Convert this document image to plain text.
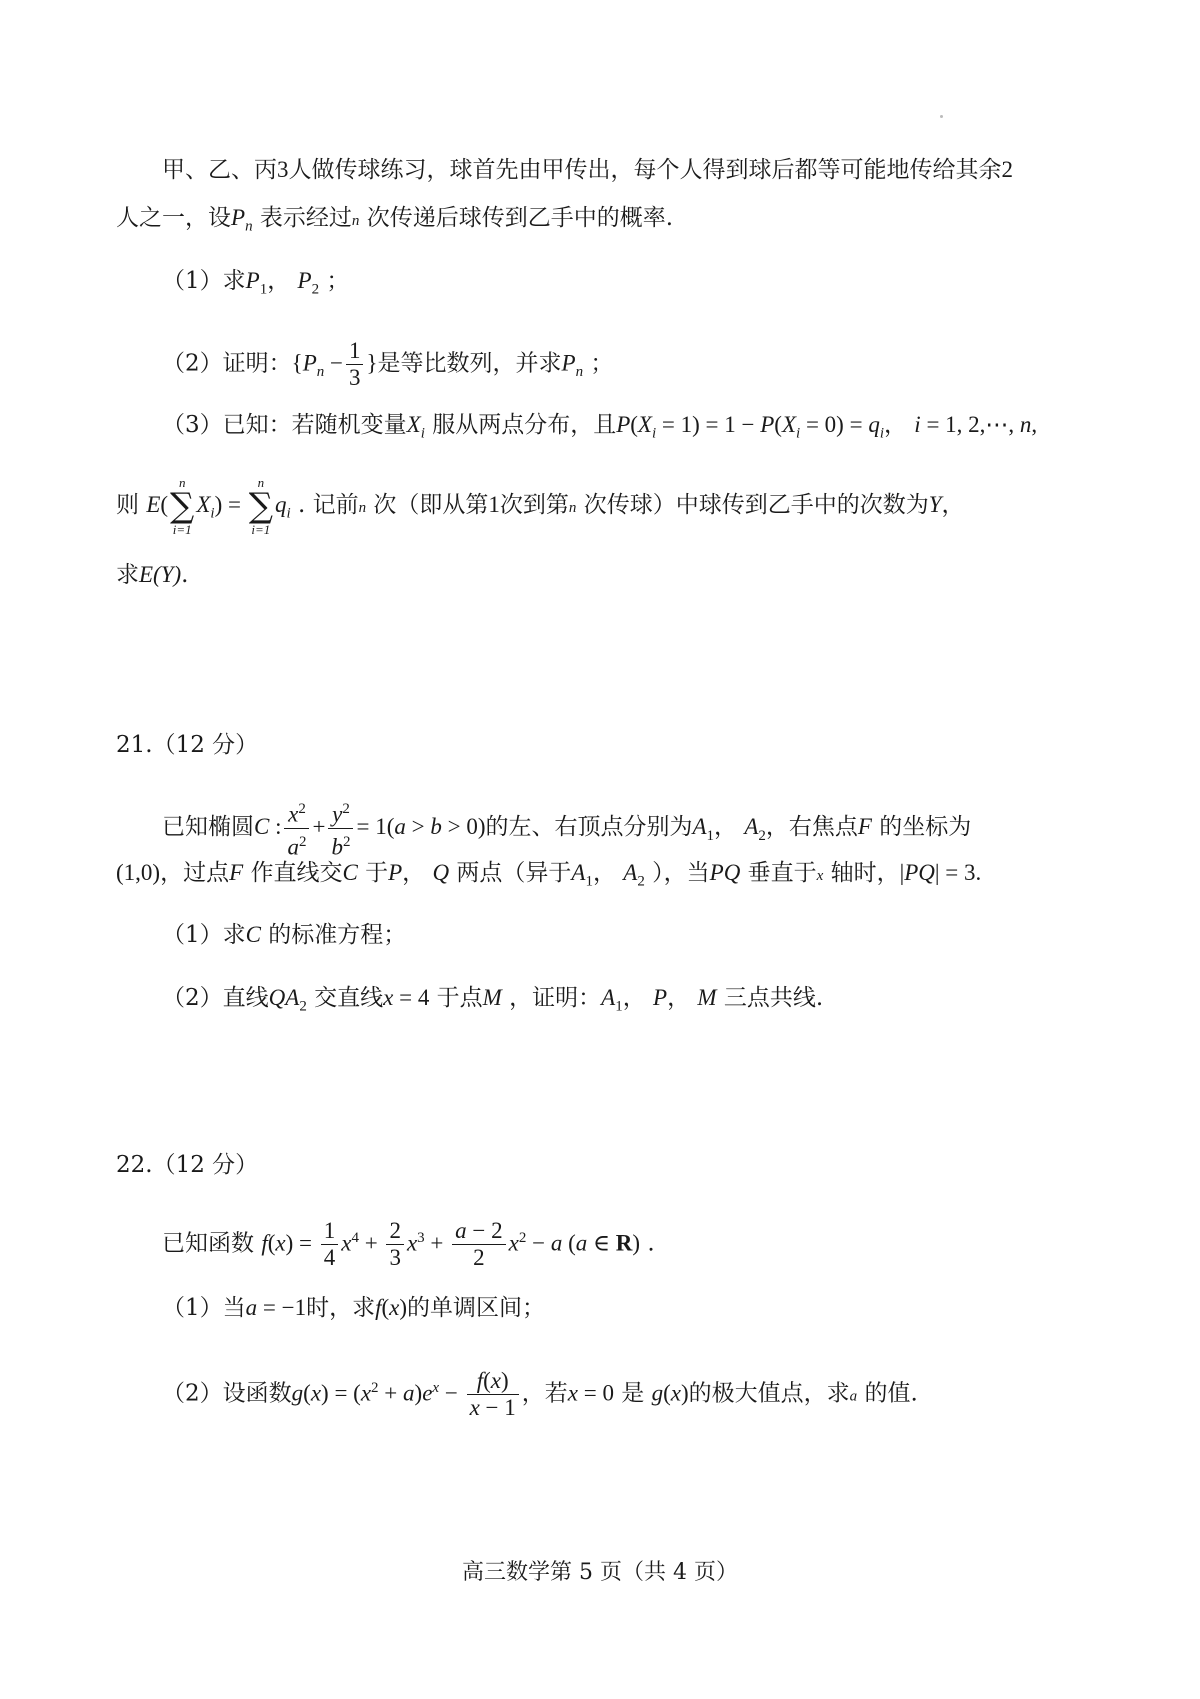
甲、乙、丙3人做传球练习，球首先由甲传出，每个人得到球后都等可能地传给其余2
人之一，设$P_n$ 表示经过n 次传递后球传到乙手中的概率.
（1）求$P_1$， $P_2$ ；
（2）证明：{$P_n - \frac{1}{3}$ }是等比数列，并求$P_n$ ；
（3）已知：若随机变量$X_i$ 服从两点分布，且$P(X_i = 1) = 1 - P(X_i = 0) = q_i$， i = 1, 2,⋯, n,
则 E(
n
∑
i=1
$X_i$) =
n
∑
i=1
$q_i$ . 记前n 次（即从第1次到第n 次传球）中球传到乙手中的次数为Y，
求E(Y).
21.（12 分）
已知椭圆C : $\frac{x^2}{a^2} + \frac{y^2}{b^2} = 1(a > b > 0)$的左、右顶点分别为$A_1$， $A_2$，右焦点F 的坐标为
(1,0)，过点F 作直线交C 于P， Q 两点（异于$A_1$， $A_2$ ），当PQ 垂直于x 轴时，|PQ| = 3.
（1）求C 的标准方程；
（2）直线$QA_2$ 交直线x = 4 于点M ，证明：$A_1$， P， M 三点共线.
22.（12 分）
已知函数 $f(x) = \frac{1}{4} x^4 + \frac{2}{3} x^3 + \frac{a - 2}{2} x^2 - a$ (a ∈ R) .
（1）当a = −1时，求f(x)的单调区间；
（2）设函数$g(x) = (x^2 + a)e^x - \frac{f(x)}{x - 1}$ ，若x = 0 是 g(x)的极大值点，求a 的值.
高三数学第 5 页（共 4 页）
